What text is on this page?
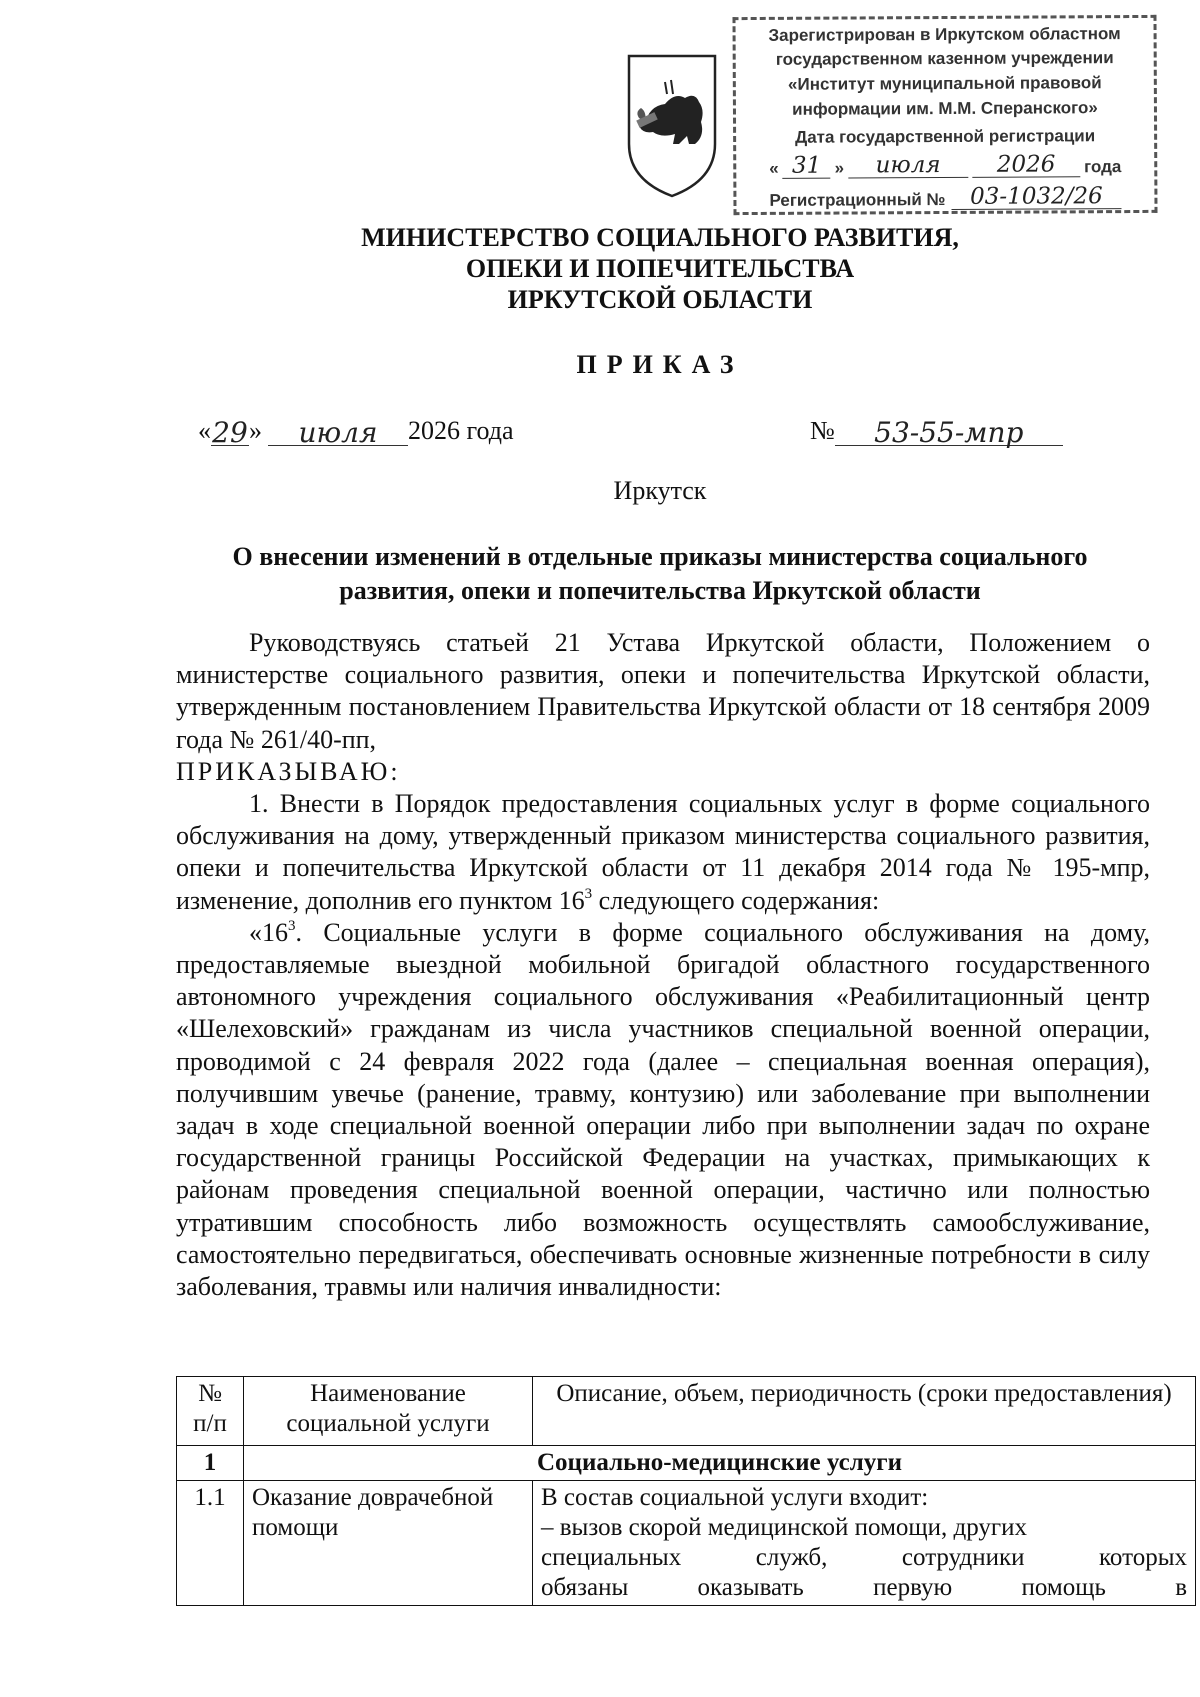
Зарегистрирован в Иркутском областном
государственном казенном учреждении
«Институт муниципальной правовой
информации им. М.М. Сперанского»
Дата государственной регистрации
« 31 »	июля	2026	года
Регистрационный №	03-1032/26
МИНИСТЕРСТВО СОЦИАЛЬНОГО РАЗВИТИЯ,
ОПЕКИ И ПОПЕЧИТЕЛЬСТВА
ИРКУТСКОЙ ОБЛАСТИ
ПРИКАЗ
« 29 »	июля	2026 года	№	53-55-мпр
Иркутск
О внесении изменений в отдельные приказы министерства социального
развития, опеки и попечительства Иркутской области

Руководствуясь статьей 21 Устава Иркутской области, Положением о министерстве социального развития, опеки и попечительства Иркутской области, утвержденным постановлением Правительства Иркутской области от 18 сентября 2009 года № 261/40-пп,

ПРИКАЗЫВАЮ:

1. Внести в Порядок предоставления социальных услуг в форме социального обслуживания на дому, утвержденный приказом министерства социального развития, опеки и попечительства Иркутской области от 11 декабря 2014 года № 195-мпр, изменение, дополнив его пунктом $16^3$ следующего содержания:

«$16^3$. Социальные услуги в форме социального обслуживания на дому, предоставляемые выездной мобильной бригадой областного государственного автономного учреждения социального обслуживания «Реабилитационный центр «Шелеховский» гражданам из числа участников специальной военной операции, проводимой с 24 февраля 2022 года (далее – специальная военная операция), получившим увечье (ранение, травму, контузию) или заболевание при выполнении задач в ходе специальной военной операции либо при выполнении задач по охране государственной границы Российской Федерации на участках, примыкающих к районам проведения специальной военной операции, частично или полностью утратившим способность либо возможность осуществлять самообслуживание, самостоятельно передвигаться, обеспечивать основные жизненные потребности в силу заболевания, травмы или наличия инвалидности:

№ п/п	Наименование социальной услуги	Описание, объем, периодичность (сроки предоставления)
1	Социально-медицинские услуги	
1.1	Оказание доврачебной помощи	В состав социальной услуги входит:
– вызов скорой медицинской помощи, других
специальных служб, сотрудники которых
обязаны оказывать первую помощь в
